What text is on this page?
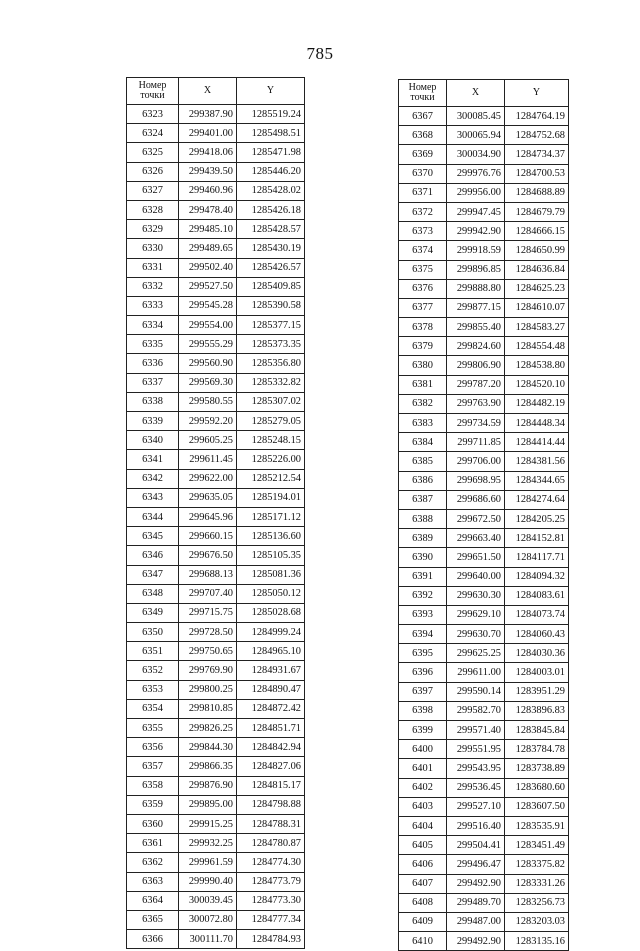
785
Номер точки	X	Y
6323	299387.90	1285519.24
6324	299401.00	1285498.51
6325	299418.06	1285471.98
6326	299439.50	1285446.20
6327	299460.96	1285428.02
6328	299478.40	1285426.18
6329	299485.10	1285428.57
6330	299489.65	1285430.19
6331	299502.40	1285426.57
6332	299527.50	1285409.85
6333	299545.28	1285390.58
6334	299554.00	1285377.15
6335	299555.29	1285373.35
6336	299560.90	1285356.80
6337	299569.30	1285332.82
6338	299580.55	1285307.02
6339	299592.20	1285279.05
6340	299605.25	1285248.15
6341	299611.45	1285226.00
6342	299622.00	1285212.54
6343	299635.05	1285194.01
6344	299645.96	1285171.12
6345	299660.15	1285136.60
6346	299676.50	1285105.35
6347	299688.13	1285081.36
6348	299707.40	1285050.12
6349	299715.75	1285028.68
6350	299728.50	1284999.24
6351	299750.65	1284965.10
6352	299769.90	1284931.67
6353	299800.25	1284890.47
6354	299810.85	1284872.42
6355	299826.25	1284851.71
6356	299844.30	1284842.94
6357	299866.35	1284827.06
6358	299876.90	1284815.17
6359	299895.00	1284798.88
6360	299915.25	1284788.31
6361	299932.25	1284780.87
6362	299961.59	1284774.30
6363	299990.40	1284773.79
6364	300039.45	1284773.30
6365	300072.80	1284777.34
6366	300111.70	1284784.93
Номер точки	X	Y
6367	300085.45	1284764.19
6368	300065.94	1284752.68
6369	300034.90	1284734.37
6370	299976.76	1284700.53
6371	299956.00	1284688.89
6372	299947.45	1284679.79
6373	299942.90	1284666.15
6374	299918.59	1284650.99
6375	299896.85	1284636.84
6376	299888.80	1284625.23
6377	299877.15	1284610.07
6378	299855.40	1284583.27
6379	299824.60	1284554.48
6380	299806.90	1284538.80
6381	299787.20	1284520.10
6382	299763.90	1284482.19
6383	299734.59	1284448.34
6384	299711.85	1284414.44
6385	299706.00	1284381.56
6386	299698.95	1284344.65
6387	299686.60	1284274.64
6388	299672.50	1284205.25
6389	299663.40	1284152.81
6390	299651.50	1284117.71
6391	299640.00	1284094.32
6392	299630.30	1284083.61
6393	299629.10	1284073.74
6394	299630.70	1284060.43
6395	299625.25	1284030.36
6396	299611.00	1284003.01
6397	299590.14	1283951.29
6398	299582.70	1283896.83
6399	299571.40	1283845.84
6400	299551.95	1283784.78
6401	299543.95	1283738.89
6402	299536.45	1283680.60
6403	299527.10	1283607.50
6404	299516.40	1283535.91
6405	299504.41	1283451.49
6406	299496.47	1283375.82
6407	299492.90	1283331.26
6408	299489.70	1283256.73
6409	299487.00	1283203.03
6410	299492.90	1283135.16
